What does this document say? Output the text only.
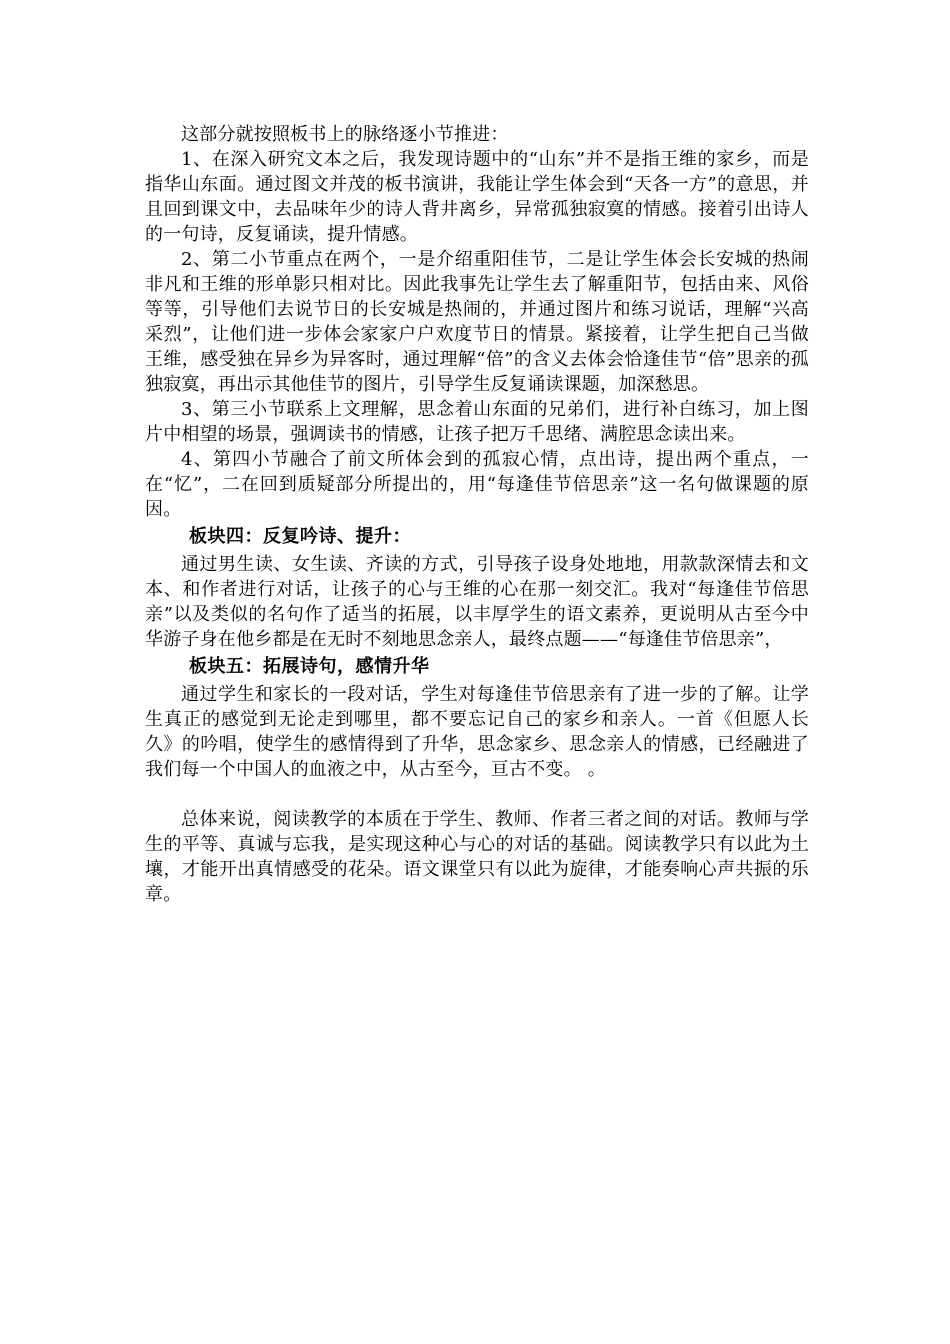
这部分就按照板书上的脉络逐小节推进：

1、在深入研究文本之后，我发现诗题中的“山东”并不是指王维的家乡，而是指华山东面。通过图文并茂的板书演讲，我能让学生体会到“天各一方”的意思，并且回到课文中，去品味年少的诗人背井离乡，异常孤独寂寞的情感。接着引出诗人的一句诗，反复诵读，提升情感。

2、第二小节重点在两个，一是介绍重阳佳节，二是让学生体会长安城的热闹非凡和王维的形单影只相对比。因此我事先让学生去了解重阳节，包括由来、风俗等等，引导他们去说节日的长安城是热闹的，并通过图片和练习说话，理解“兴高采烈”，让他们进一步体会家家户户欢度节日的情景。紧接着，让学生把自己当做王维，感受独在异乡为异客时，通过理解“倍”的含义去体会恰逢佳节“倍”思亲的孤独寂寞，再出示其他佳节的图片，引导学生反复诵读课题，加深愁思。

3、第三小节联系上文理解，思念着山东面的兄弟们，进行补白练习，加上图片中相望的场景，强调读书的情感，让孩子把万千思绪、满腔思念读出来。

4、第四小节融合了前文所体会到的孤寂心情，点出诗，提出两个重点，一在“忆”，二在回到质疑部分所提出的，用“每逢佳节倍思亲”这一名句做课题的原因。

板块四：反复吟诗、提升：

通过男生读、女生读、齐读的方式，引导孩子设身处地地，用款款深情去和文本、和作者进行对话，让孩子的心与王维的心在那一刻交汇。我对“每逢佳节倍思亲”以及类似的名句作了适当的拓展，以丰厚学生的语文素养，更说明从古至今中华游子身在他乡都是在无时不刻地思念亲人，最终点题——“每逢佳节倍思亲”，

板块五：拓展诗句，感情升华

通过学生和家长的一段对话，学生对每逢佳节倍思亲有了进一步的了解。让学生真正的感觉到无论走到哪里，都不要忘记自己的家乡和亲人。一首《但愿人长久》的吟唱，使学生的感情得到了升华，思念家乡、思念亲人的情感，已经融进了我们每一个中国人的血液之中，从古至今，亘古不变。 。

总体来说，阅读教学的本质在于学生、教师、作者三者之间的对话。教师与学生的平等、真诚与忘我，是实现这种心与心的对话的基础。阅读教学只有以此为土壤，才能开出真情感受的花朵。语文课堂只有以此为旋律，才能奏响心声共振的乐章。
